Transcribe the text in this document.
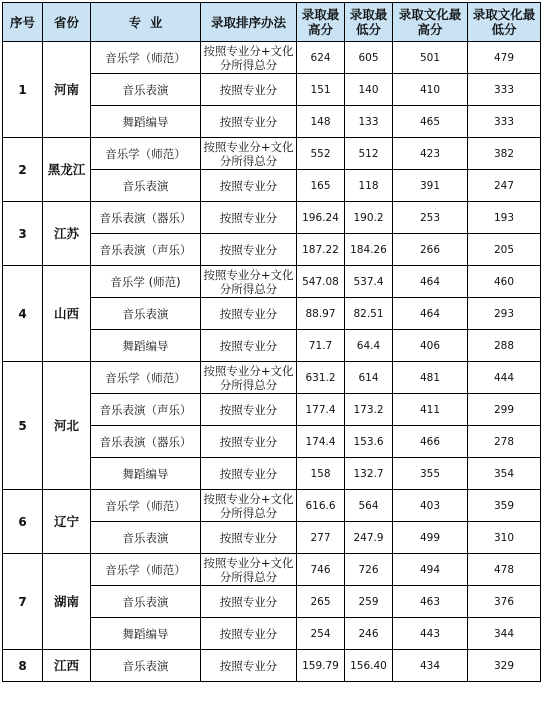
序号	省份	专  业	录取排序办法	录取最高分	录取最低分	录取文化最高分	录取文化最低分
1	河南	音乐学（师范）	按照专业分+文化分所得总分	624	605	501	479
		音乐表演	按照专业分	151	140	410	333
		舞蹈编导	按照专业分	148	133	465	333
2	黑龙江	音乐学（师范）	按照专业分+文化分所得总分	552	512	423	382
		音乐表演	按照专业分	165	118	391	247
3	江苏	音乐表演（器乐）	按照专业分	196.24	190.2	253	193
		音乐表演（声乐）	按照专业分	187.22	184.26	266	205
4	山西	音乐学 (师范)	按照专业分+文化分所得总分	547.08	537.4	464	460
		音乐表演	按照专业分	88.97	82.51	464	293
		舞蹈编导	按照专业分	71.7	64.4	406	288
5	河北	音乐学（师范）	按照专业分+文化分所得总分	631.2	614	481	444
		音乐表演（声乐）	按照专业分	177.4	173.2	411	299
		音乐表演（器乐）	按照专业分	174.4	153.6	466	278
		舞蹈编导	按照专业分	158	132.7	355	354
6	辽宁	音乐学（师范）	按照专业分+文化分所得总分	616.6	564	403	359
		音乐表演	按照专业分	277	247.9	499	310
7	湖南	音乐学（师范）	按照专业分+文化分所得总分	746	726	494	478
		音乐表演	按照专业分	265	259	463	376
		舞蹈编导	按照专业分	254	246	443	344
8	江西	音乐表演	按照专业分	159.79	156.40	434	329
